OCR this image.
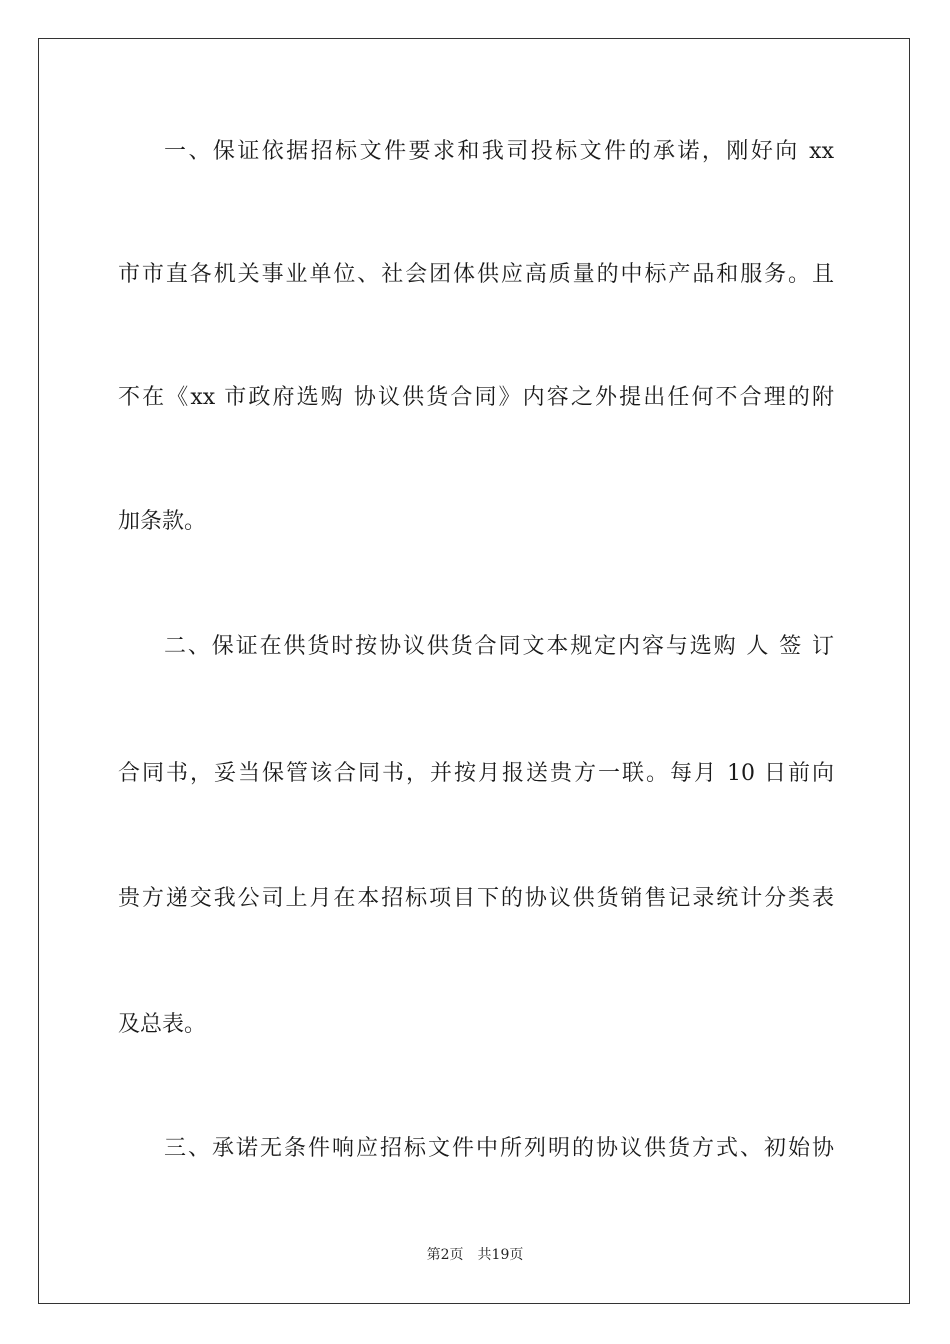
一、保证依据招标文件要求和我司投标文件的承诺，刚好向 xx
市市直各机关事业单位、社会团体供应高质量的中标产品和服务。且
不在《xx 市政府选购 协议供货合同》内容之外提出任何不合理的附
加条款。
二、保证在供货时按协议供货合同文本规定内容与选购 人 签 订
合同书，妥当保管该合同书，并按月报送贵方一联。每月 10 日前向
贵方递交我公司上月在本招标项目下的协议供货销售记录统计分类表
及总表。
三、承诺无条件响应招标文件中所列明的协议供货方式、初始协
第2页 共19页
